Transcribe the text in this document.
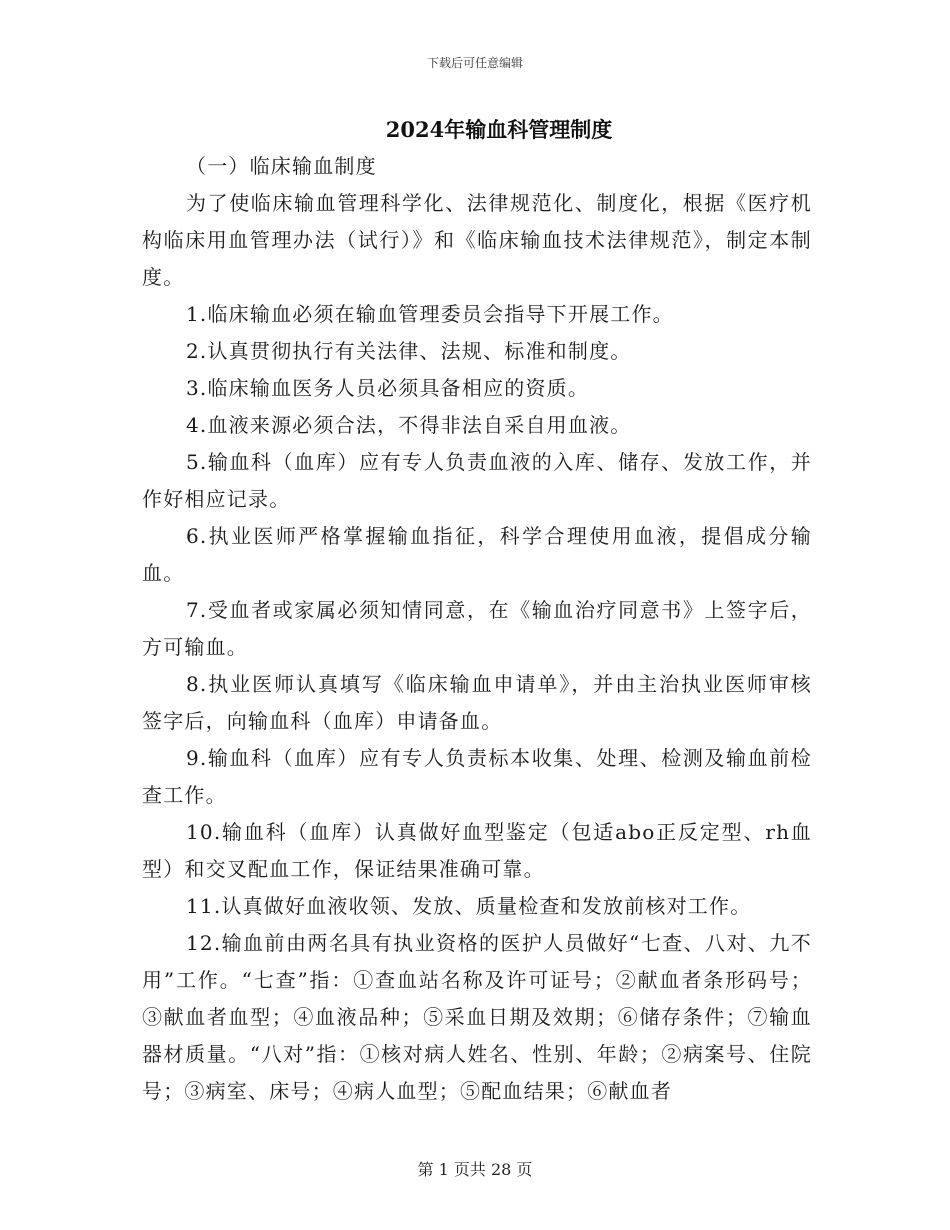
下载后可任意编辑
2024年输血科管理制度

（一）临床输血制度

为了使临床输血管理科学化、法律规范化、制度化，根据《医疗机构临床用血管理办法（试行）》和《临床输血技术法律规范》，制定本制度。

1.临床输血必须在输血管理委员会指导下开展工作。

2.认真贯彻执行有关法律、法规、标准和制度。

3.临床输血医务人员必须具备相应的资质。

4.血液来源必须合法，不得非法自采自用血液。

5.输血科（血库）应有专人负责血液的入库、储存、发放工作，并作好相应记录。

6.执业医师严格掌握输血指征，科学合理使用血液，提倡成分输血。

7.受血者或家属必须知情同意，在《输血治疗同意书》上签字后，方可输血。

8.执业医师认真填写《临床输血申请单》，并由主治执业医师审核签字后，向输血科（血库）申请备血。

9.输血科（血库）应有专人负责标本收集、处理、检测及输血前检查工作。

10.输血科（血库）认真做好血型鉴定（包适abo正反定型、rh血型）和交叉配血工作，保证结果准确可靠。

11.认真做好血液收领、发放、质量检查和发放前核对工作。

12.输血前由两名具有执业资格的医护人员做好“七查、八对、九不用”工作。“七查”指：①查血站名称及许可证号；②献血者条形码号；③献血者血型；④血液品种；⑤采血日期及效期；⑥储存条件；⑦输血器材质量。“八对”指：①核对病人姓名、性别、年龄；②病案号、住院号；③病室、床号；④病人血型；⑤配血结果；⑥献血者

第 1 页共 28 页
